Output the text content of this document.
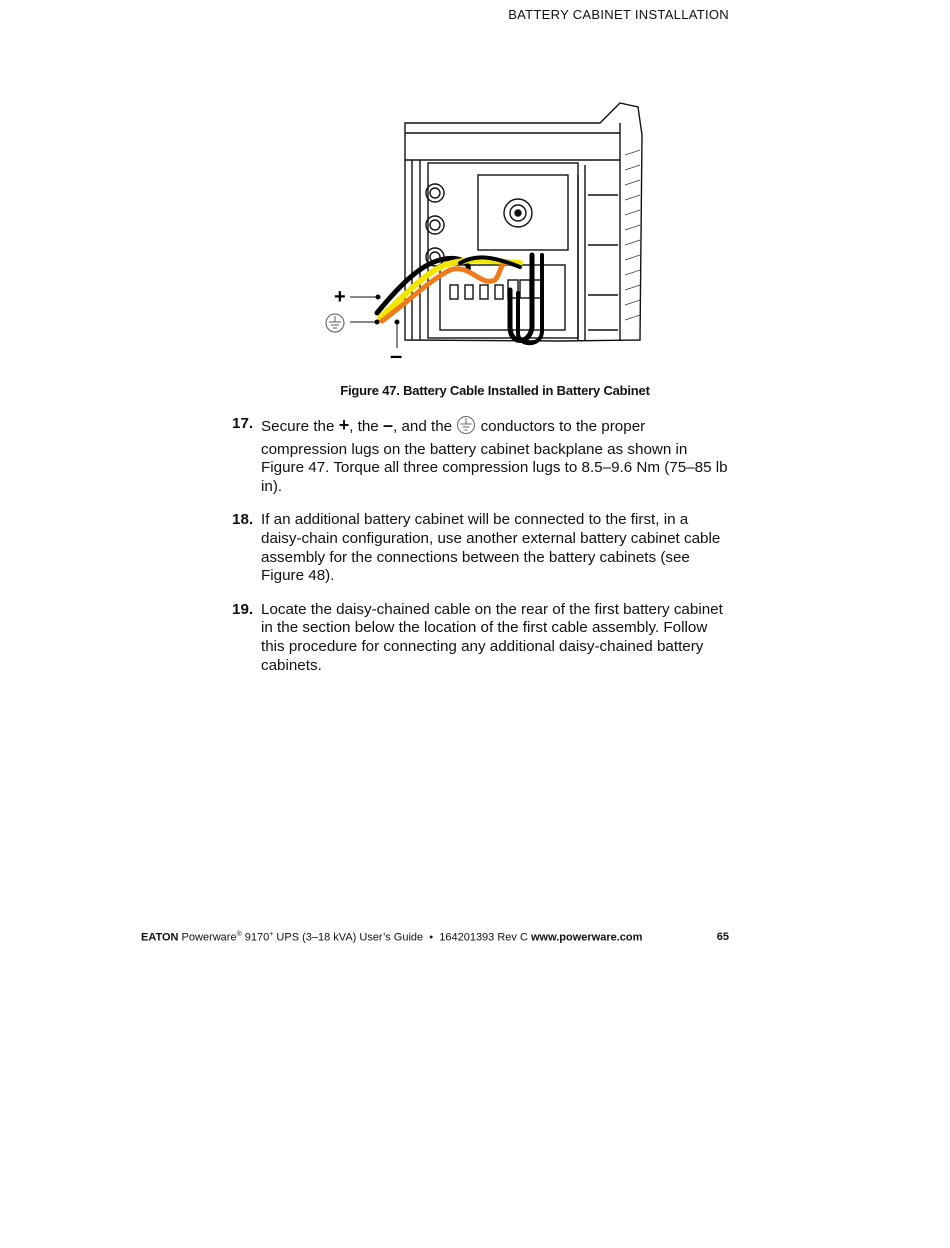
BATTERY CABINET INSTALLATION
+
–
Figure 47. Battery Cable Installed in Battery Cabinet
17. Secure the +, the –, and the  conductors to the proper compression lugs on the battery cabinet backplane as shown in Figure 47. Torque all three compression lugs to 8.5–9.6 Nm (75–85 lb in).
18. If an additional battery cabinet will be connected to the first, in a daisy-chain configuration, use another external battery cabinet cable assembly for the connections between the battery cabinets (see Figure 48).
19. Locate the daisy-chained cable on the rear of the first battery cabinet in the section below the location of the first cable assembly. Follow this procedure for connecting any additional daisy-chained battery cabinets.
EATON Powerware® 9170+ UPS (3–18 kVA) User’s Guide  •  164201393 Rev C www.powerware.com	65
